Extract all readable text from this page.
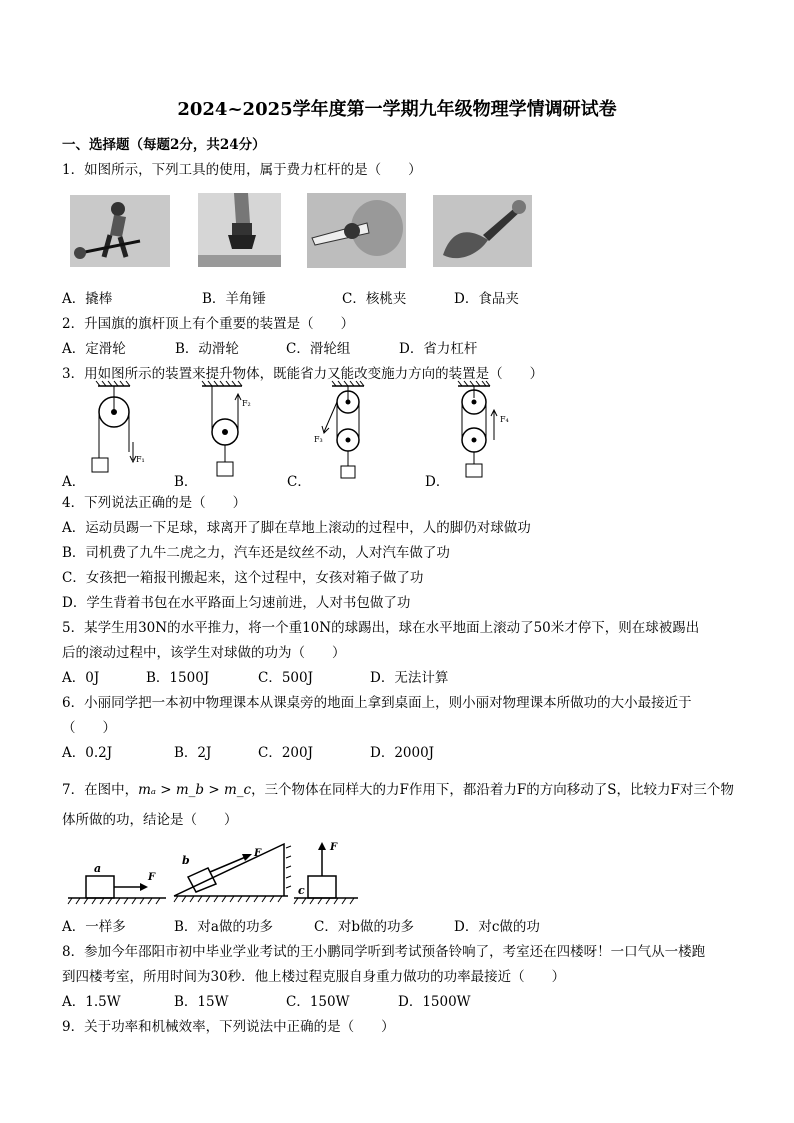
2024~2025学年度第一学期九年级物理学情调研试卷
一、选择题（每题2分，共24分）
1．如图所示，下列工具的使用，属于费力杠杆的是（　　）
A．撬棒	B．羊角锤	C．核桃夹	D．食品夹
2．升国旗的旗杆顶上有个重要的装置是（　　）
A．定滑轮	B．动滑轮	C．滑轮组	D．省力杠杆
3．用如图所示的装置来提升物体，既能省力又能改变施力方向的装置是（　　）
F₁
F₂
F₃
F₄
A．	B．	C．	D．
4．下列说法正确的是（　　）
A．运动员踢一下足球，球离开了脚在草地上滚动的过程中，人的脚仍对球做功
B．司机费了九牛二虎之力，汽车还是纹丝不动，人对汽车做了功
C．女孩把一箱报刊搬起来，这个过程中，女孩对箱子做了功
D．学生背着书包在水平路面上匀速前进，人对书包做了功
5．某学生用30N的水平推力，将一个重10N的球踢出，球在水平地面上滚动了50米才停下，则在球被踢出
后的滚动过程中，该学生对球做的功为（　　）
A．0J	B．1500J	C．500J	D．无法计算
6．小丽同学把一本初中物理课本从课桌旁的地面上拿到桌面上，则小丽对物理课本所做功的大小最接近于
（　　）
A．0.2J	B．2J	C．200J	D．2000J
7．在图中，mₐ > m_b > m_c，三个物体在同样大的力F作用下，都沿着力F的方向移动了S，比较力F对三个物
体所做的功，结论是（　　）
a
F
b
F
c
F
A．一样多	B．对a做的功多	C．对b做的功多	D．对c做的功
8．参加今年邵阳市初中毕业学业考试的王小鹏同学听到考试预备铃响了，考室还在四楼呀！一口气从一楼跑
到四楼考室，所用时间为30秒．他上楼过程克服自身重力做功的功率最接近（　　）
A．1.5W	B．15W	C．150W	D．1500W
9．关于功率和机械效率，下列说法中正确的是（　　）
